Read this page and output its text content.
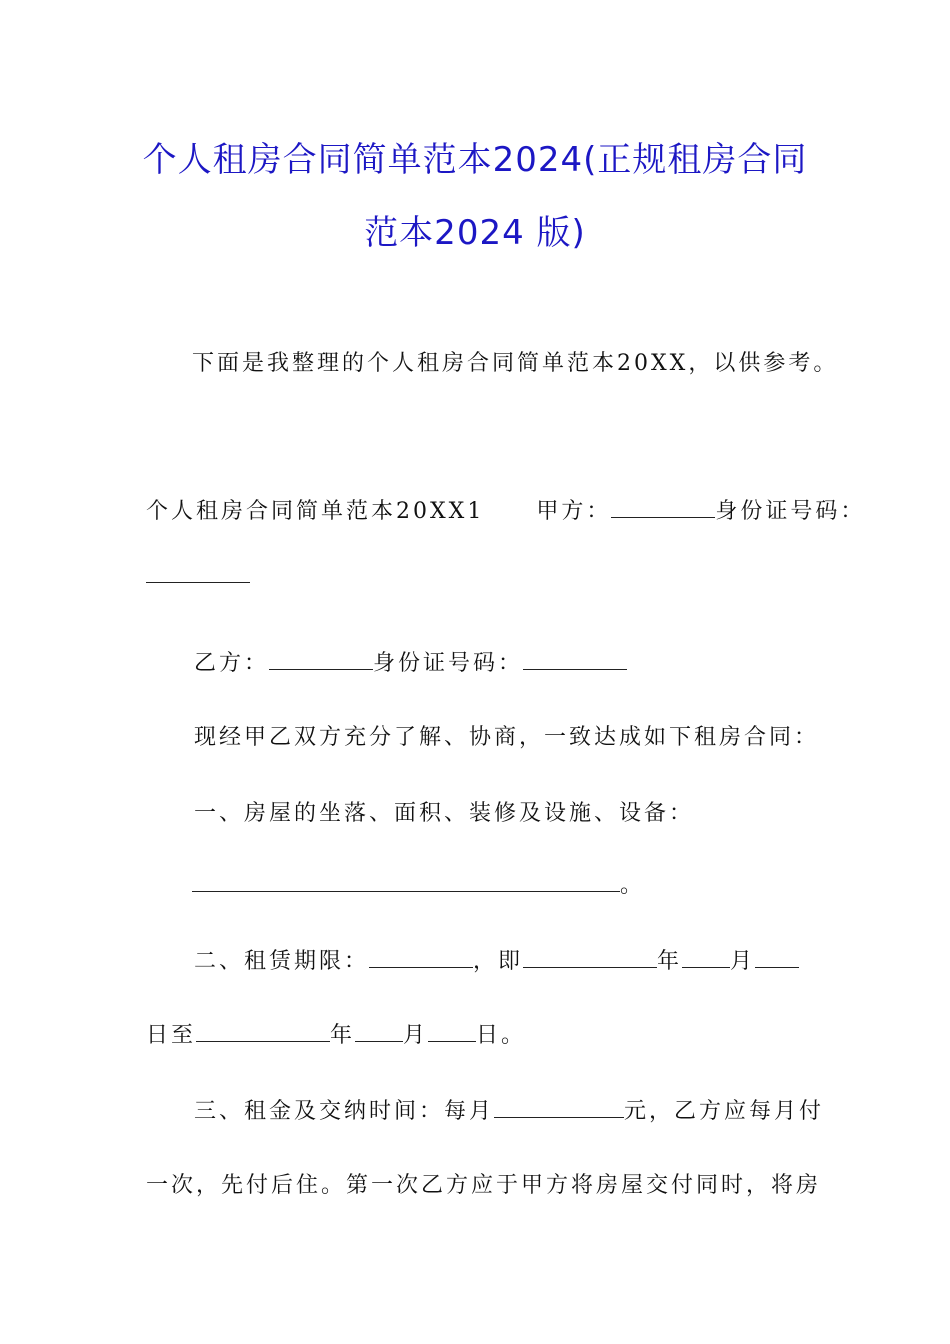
个人租房合同简单范本2024(正规租房合同
范本2024 版)
下面是我整理的个人租房合同简单范本20XX，以供参考。
个人租房合同简单范本20XX1 甲方：	身份证号码：
乙方：	身份证号码：
现经甲乙双方充分了解、协商，一致达成如下租房合同：
一、房屋的坐落、面积、装修及设施、设备：
。
二、租赁期限：	，即	年 月
日至	年 月 日。
三、租金及交纳时间：每月	元，乙方应每月付
一次，先付后住。第一次乙方应于甲方将房屋交付同时，将房
